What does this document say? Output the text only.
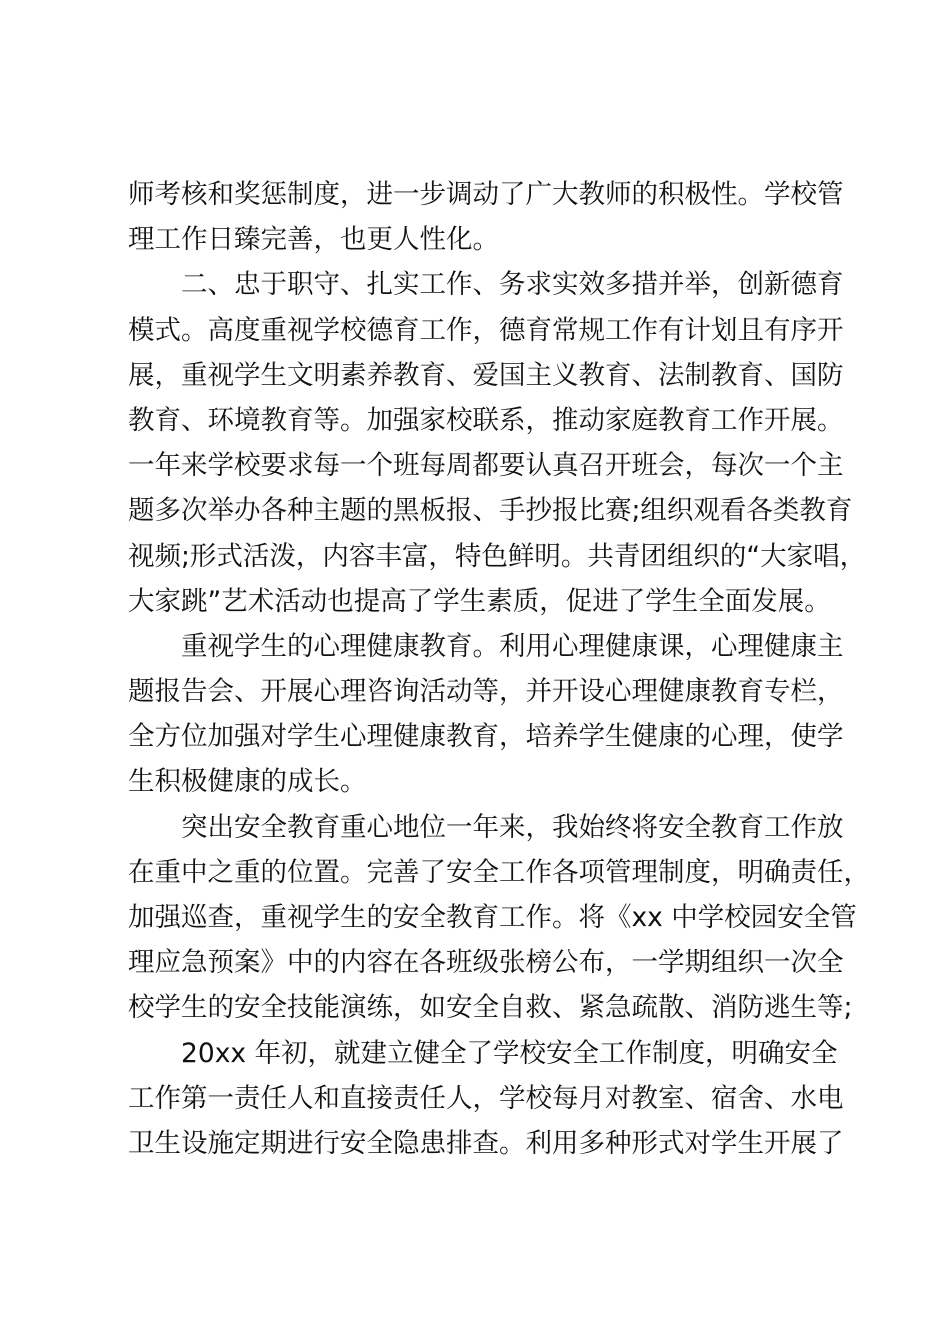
师考核和奖惩制度，进一步调动了广大教师的积极性。学校管
理工作日臻完善，也更人性化。
二、忠于职守、扎实工作、务求实效多措并举，创新德育
模式。高度重视学校德育工作，德育常规工作有计划且有序开
展，重视学生文明素养教育、爱国主义教育、法制教育、国防
教育、环境教育等。加强家校联系，推动家庭教育工作开展。
一年来学校要求每一个班每周都要认真召开班会，每次一个主
题多次举办各种主题的黑板报、手抄报比赛;组织观看各类教育
视频;形式活泼，内容丰富，特色鲜明。共青团组织的“大家唱，
大家跳”艺术活动也提高了学生素质，促进了学生全面发展。
重视学生的心理健康教育。利用心理健康课，心理健康主
题报告会、开展心理咨询活动等，并开设心理健康教育专栏，
全方位加强对学生心理健康教育，培养学生健康的心理，使学
生积极健康的成长。
突出安全教育重心地位一年来，我始终将安全教育工作放
在重中之重的位置。完善了安全工作各项管理制度，明确责任，
加强巡查，重视学生的安全教育工作。将《xx 中学校园安全管
理应急预案》中的内容在各班级张榜公布，一学期组织一次全
校学生的安全技能演练，如安全自救、紧急疏散、消防逃生等;
20xx 年初，就建立健全了学校安全工作制度，明确安全
工作第一责任人和直接责任人，学校每月对教室、宿舍、水电
卫生设施定期进行安全隐患排查。利用多种形式对学生开展了
